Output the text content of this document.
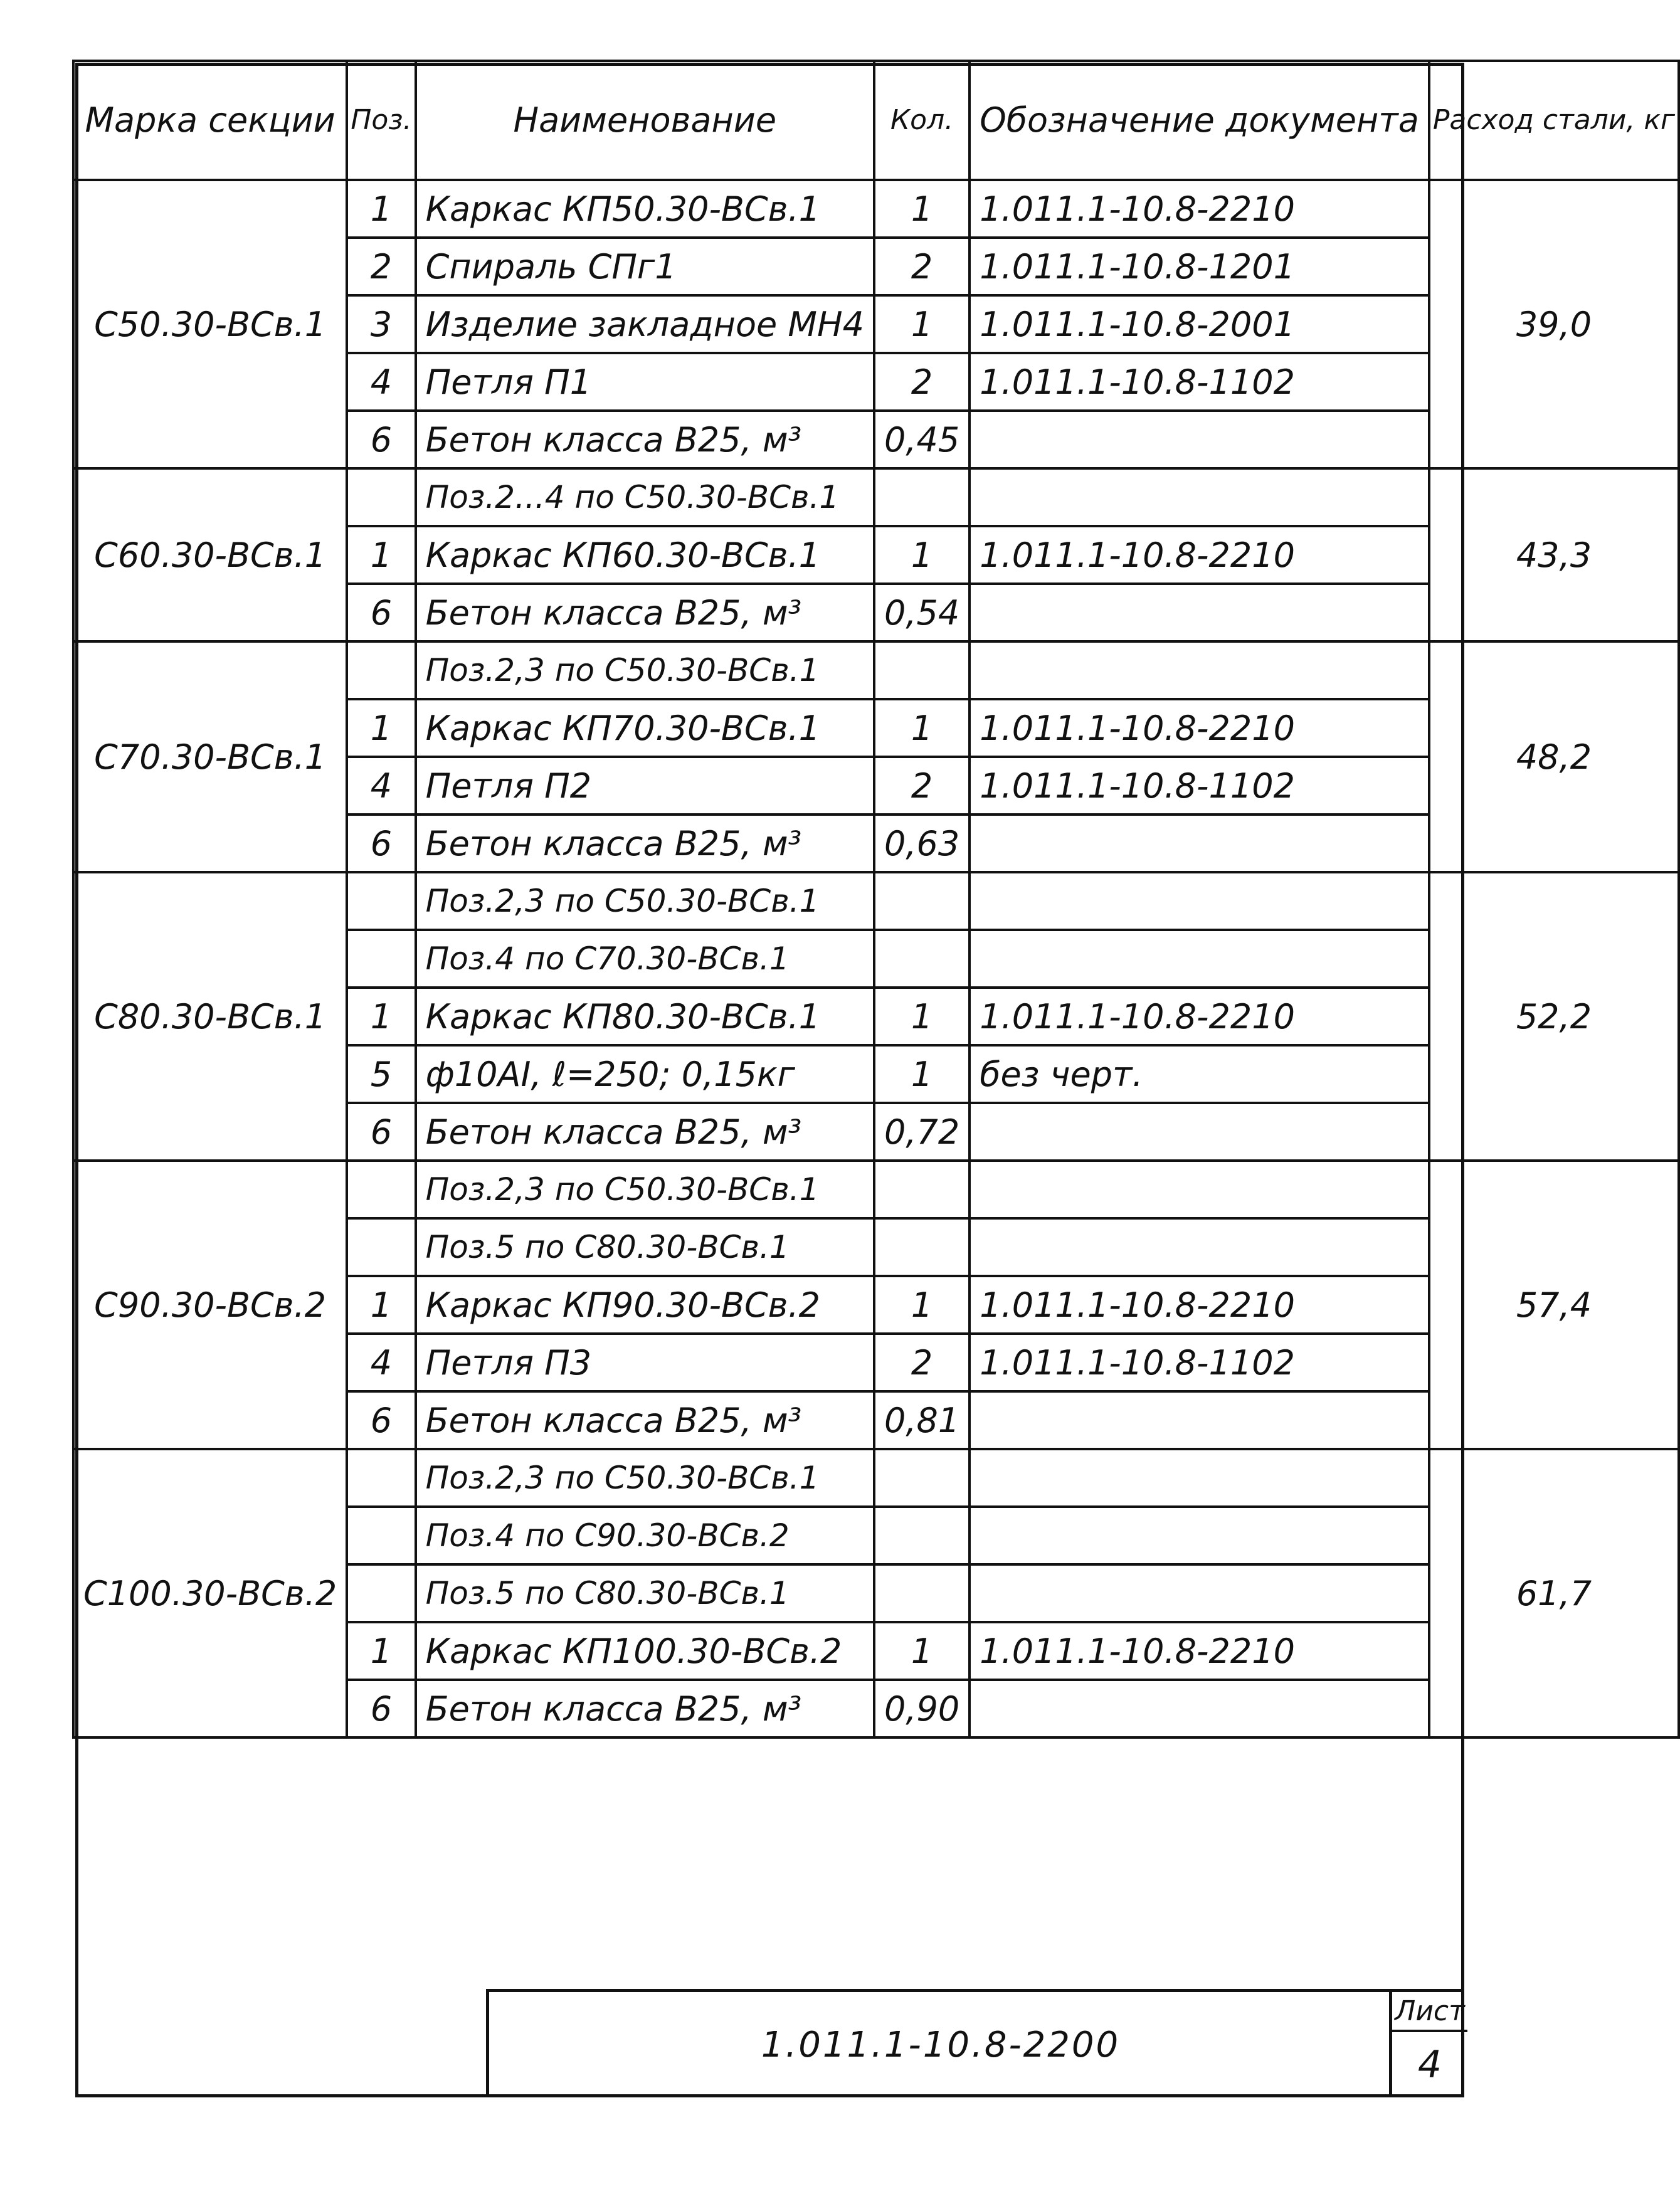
Марка секции	Поз.	Наименование	Кол.	Обозначение документа	Расход стали, кг
С50.30-ВСв.1	1	Каркас КП50.30-ВСв.1	1	1.011.1-10.8-2210	39,0
	2	Спираль СПг1	2	1.011.1-10.8-1201	
	3	Изделие закладное МН4	1	1.011.1-10.8-2001	
	4	Петля П1	2	1.011.1-10.8-1102	
	6	Бетон класса В25, м³	0,45		
С60.30-ВСв.1		Поз.2...4 по С50.30-ВСв.1			43,3
	1	Каркас КП60.30-ВСв.1	1	1.011.1-10.8-2210	
	6	Бетон класса В25, м³	0,54		
С70.30-ВСв.1		Поз.2,3 по С50.30-ВСв.1			48,2
	1	Каркас КП70.30-ВСв.1	1	1.011.1-10.8-2210	
	4	Петля П2	2	1.011.1-10.8-1102	
	6	Бетон класса В25, м³	0,63		
С80.30-ВСв.1		Поз.2,3 по С50.30-ВСв.1			52,2
		Поз.4 по С70.30-ВСв.1			
	1	Каркас КП80.30-ВСв.1	1	1.011.1-10.8-2210	
	5	ф10АI, ℓ=250; 0,15кг	1	без черт.	
	6	Бетон класса В25, м³	0,72		
С90.30-ВСв.2		Поз.2,3 по С50.30-ВСв.1			57,4
		Поз.5 по С80.30-ВСв.1			
	1	Каркас КП90.30-ВСв.2	1	1.011.1-10.8-2210	
	4	Петля П3	2	1.011.1-10.8-1102	
	6	Бетон класса В25, м³	0,81		
С100.30-ВСв.2		Поз.2,3 по С50.30-ВСв.1			61,7
		Поз.4 по С90.30-ВСв.2			
		Поз.5 по С80.30-ВСв.1			
	1	Каркас КП100.30-ВСв.2	1	1.011.1-10.8-2210	
	6	Бетон класса В25, м³	0,90		
1.011.1-10.8-2200
Лист
4
